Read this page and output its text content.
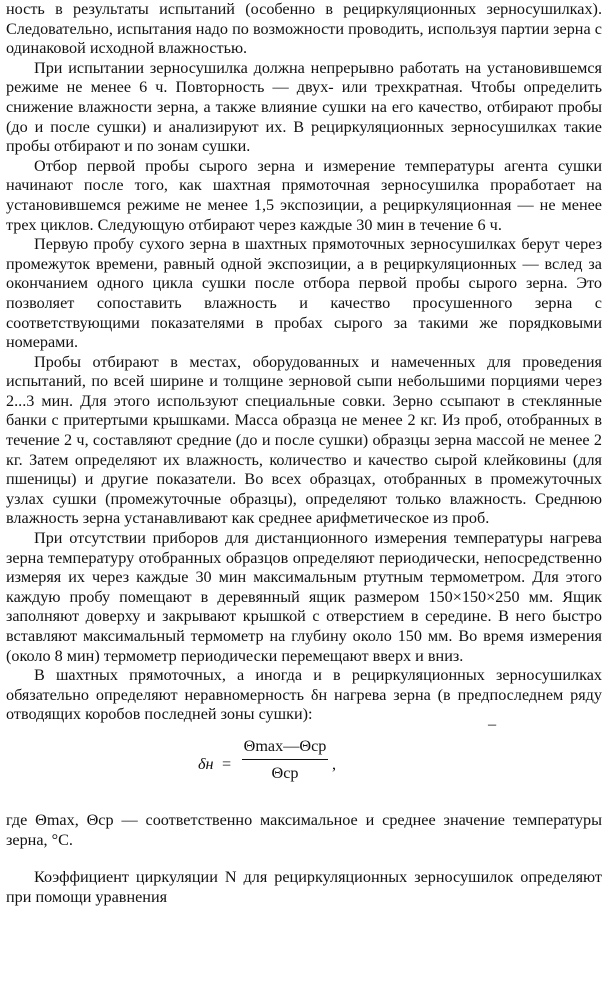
ность в результаты испытаний (особенно в рециркуляционных зерносушилках). Следовательно, испытания надо по возможности проводить, используя партии зерна с одинаковой исходной влажностью.

При испытании зерносушилка должна непрерывно работать на установившемся режиме не менее 6 ч. Повторность — двух- или трехкратная. Чтобы определить снижение влажности зерна, а также влияние сушки на его качество, отбирают пробы (до и после сушки) и анализируют их. В рециркуляционных зерносушилках такие пробы отбирают и по зонам сушки.

Отбор первой пробы сырого зерна и измерение температуры агента сушки начинают после того, как шахтная прямоточная зерносушилка проработает на установившемся режиме не менее 1,5 экспозиции, а рециркуляционная — не менее трех циклов. Следующую отбирают через каждые 30 мин в течение 6 ч.

Первую пробу сухого зерна в шахтных прямоточных зерносушилках берут через промежуток времени, равный одной экспозиции, а в рециркуляционных — вслед за окончанием одного цикла сушки после отбора первой пробы сырого зерна. Это позволяет сопоставить влажность и качество просушенного зерна с соответствующими показателями в пробах сырого за такими же порядковыми номерами.

Пробы отбирают в местах, оборудованных и намеченных для проведения испытаний, по всей ширине и толщине зерновой сыпи небольшими порциями через 2...3 мин. Для этого используют специальные совки. Зерно ссыпают в стеклянные банки с притертыми крышками. Масса образца не менее 2 кг. Из проб, отобранных в течение 2 ч, составляют средние (до и после сушки) образцы зерна массой не менее 2 кг. Затем определяют их влажность, количество и качество сырой клейковины (для пшеницы) и другие показатели. Во всех образцах, отобранных в промежуточных узлах сушки (промежуточные образцы), определяют только влажность. Среднюю влажность зерна устанавливают как среднее арифметическое из проб.

При отсутствии приборов для дистанционного измерения температуры нагрева зерна температуру отобранных образцов определяют периодически, непосредственно измеряя их через каждые 30 мин максимальным ртутным термометром. Для этого каждую пробу помещают в деревянный ящик размером 150×150×250 мм. Ящик заполняют доверху и закрывают крышкой с отверстием в середине. В него быстро вставляют максимальный термометр на глубину около 150 мм. Во время измерения (около 8 мин) термометр периодически перемещают вверх и вниз.

В шахтных прямоточных, а иногда и в рециркуляционных зерносушилках обязательно определяют неравномерность δн нагрева зерна (в предпоследнем ряду отводящих коробов последней зоны сушки):

–
δн =
Θmax—Θср
Θср	,

где Θmax, Θср — соответственно максимальное и среднее значение температуры зерна, °С.

Коэффициент циркуляции N для рециркуляционных зерносушилок определяют при помощи уравнения
